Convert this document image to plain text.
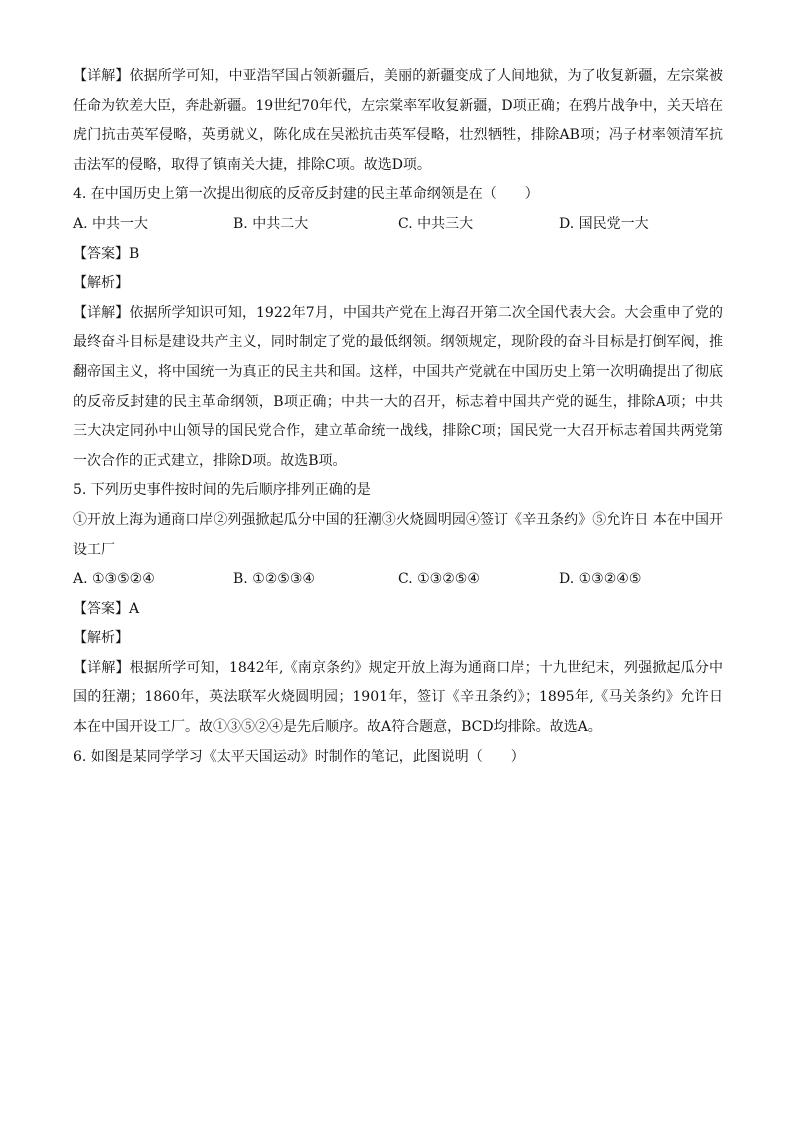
【详解】依据所学可知，中亚浩罕国占领新疆后，美丽的新疆变成了人间地狱，为了收复新疆，左宗棠被任命为钦差大臣，奔赴新疆。19世纪70年代，左宗棠率军收复新疆，D项正确；在鸦片战争中，关天培在虎门抗击英军侵略，英勇就义，陈化成在吴淞抗击英军侵略，壮烈牺牲，排除AB项；冯子材率领清军抗击法军的侵略，取得了镇南关大捷，排除C项。故选D项。

4. 在中国历史上第一次提出彻底的反帝反封建的民主革命纲领是在（　　）

A. 中共一大	B. 中共二大	C. 中共三大	D. 国民党一大

【答案】B

【解析】

【详解】依据所学知识可知，1922年7月，中国共产党在上海召开第二次全国代表大会。大会重申了党的最终奋斗目标是建设共产主义，同时制定了党的最低纲领。纲领规定，现阶段的奋斗目标是打倒军阀，推翻帝国主义，将中国统一为真正的民主共和国。这样，中国共产党就在中国历史上第一次明确提出了彻底的反帝反封建的民主革命纲领，B项正确；中共一大的召开，标志着中国共产党的诞生，排除A项；中共三大决定同孙中山领导的国民党合作，建立革命统一战线，排除C项；国民党一大召开标志着国共两党第一次合作的正式建立，排除D项。故选B项。

5. 下列历史事件按时间的先后顺序排列正确的是

①开放上海为通商口岸②列强掀起瓜分中国的狂潮③火烧圆明园④签订《辛丑条约》⑤允许日 本在中国开设工厂

A. ①③⑤②④	B. ①②⑤③④	C. ①③②⑤④	D. ①③②④⑤

【答案】A

【解析】

【详解】根据所学可知，1842年,《南京条约》规定开放上海为通商口岸；十九世纪末，列强掀起瓜分中国的狂潮；1860年，英法联军火烧圆明园；1901年，签订《辛丑条约》；1895年,《马关条约》允许日本在中国开设工厂。故①③⑤②④是先后顺序。故A符合题意，BCD均排除。故选A。

6. 如图是某同学学习《太平天国运动》时制作的笔记，此图说明（　　）
